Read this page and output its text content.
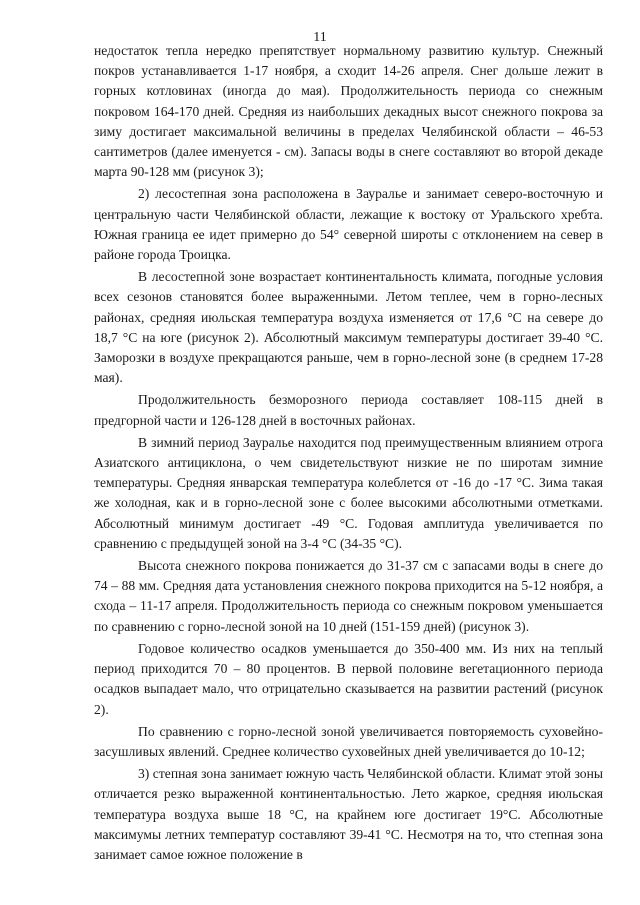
11

недостаток тепла нередко препятствует нормальному развитию культур. Снежный покров устанавливается 1-17 ноября, а сходит 14-26 апреля. Снег дольше лежит в горных котловинах (иногда до мая). Продолжительность периода со снежным покровом 164-170 дней. Средняя из наибольших декадных высот снежного покрова за зиму достигает максимальной величины в пределах Челябинской области – 46-53 сантиметров (далее именуется - см). Запасы воды в снеге составляют во второй декаде марта 90-128 мм (рисунок 3);

2) лесостепная зона расположена в Зауралье и занимает северо-восточную и центральную части Челябинской области, лежащие к востоку от Уральского хребта. Южная граница ее идет примерно до 54° северной широты с отклонением на север в районе города Троицка.

В лесостепной зоне возрастает континентальность климата, погодные условия всех сезонов становятся более выраженными. Летом теплее, чем в горно-лесных районах, средняя июльская температура воздуха изменяется от 17,6 °C на севере до 18,7 °C на юге (рисунок 2). Абсолютный максимум температуры достигает 39-40 °C. Заморозки в воздухе прекращаются раньше, чем в горно-лесной зоне (в среднем 17-28 мая).

Продолжительность безморозного периода составляет 108-115 дней в предгорной части и 126-128 дней в восточных районах.

В зимний период Зауралье находится под преимущественным влиянием отрога Азиатского антициклона, о чем свидетельствуют низкие не по широтам зимние температуры. Средняя январская температура колеблется от -16 до -17 °C. Зима такая же холодная, как и в горно-лесной зоне с более высокими абсолютными отметками. Абсолютный минимум достигает -49 °C. Годовая амплитуда увеличивается по сравнению с предыдущей зоной на 3-4 °C (34-35 °C).

Высота снежного покрова понижается до 31-37 см с запасами воды в снеге до 74 – 88 мм. Средняя дата установления снежного покрова приходится на 5-12 ноября, а схода – 11-17 апреля. Продолжительность периода со снежным покровом уменьшается по сравнению с горно-лесной зоной на 10 дней (151-159 дней) (рисунок 3).

Годовое количество осадков уменьшается до 350-400 мм. Из них на теплый период приходится 70 – 80 процентов. В первой половине вегетационного периода осадков выпадает мало, что отрицательно сказывается на развитии растений (рисунок 2).

По сравнению с горно-лесной зоной увеличивается повторяемость суховейно-засушливых явлений. Среднее количество суховейных дней увеличивается до 10-12;

3) степная зона занимает южную часть Челябинской области. Климат этой зоны отличается резко выраженной континентальностью. Лето жаркое, средняя июльская температура воздуха выше 18 °C, на крайнем юге достигает 19°C. Абсолютные максимумы летних температур составляют 39-41 °C. Несмотря на то, что степная зона занимает самое южное положение в
